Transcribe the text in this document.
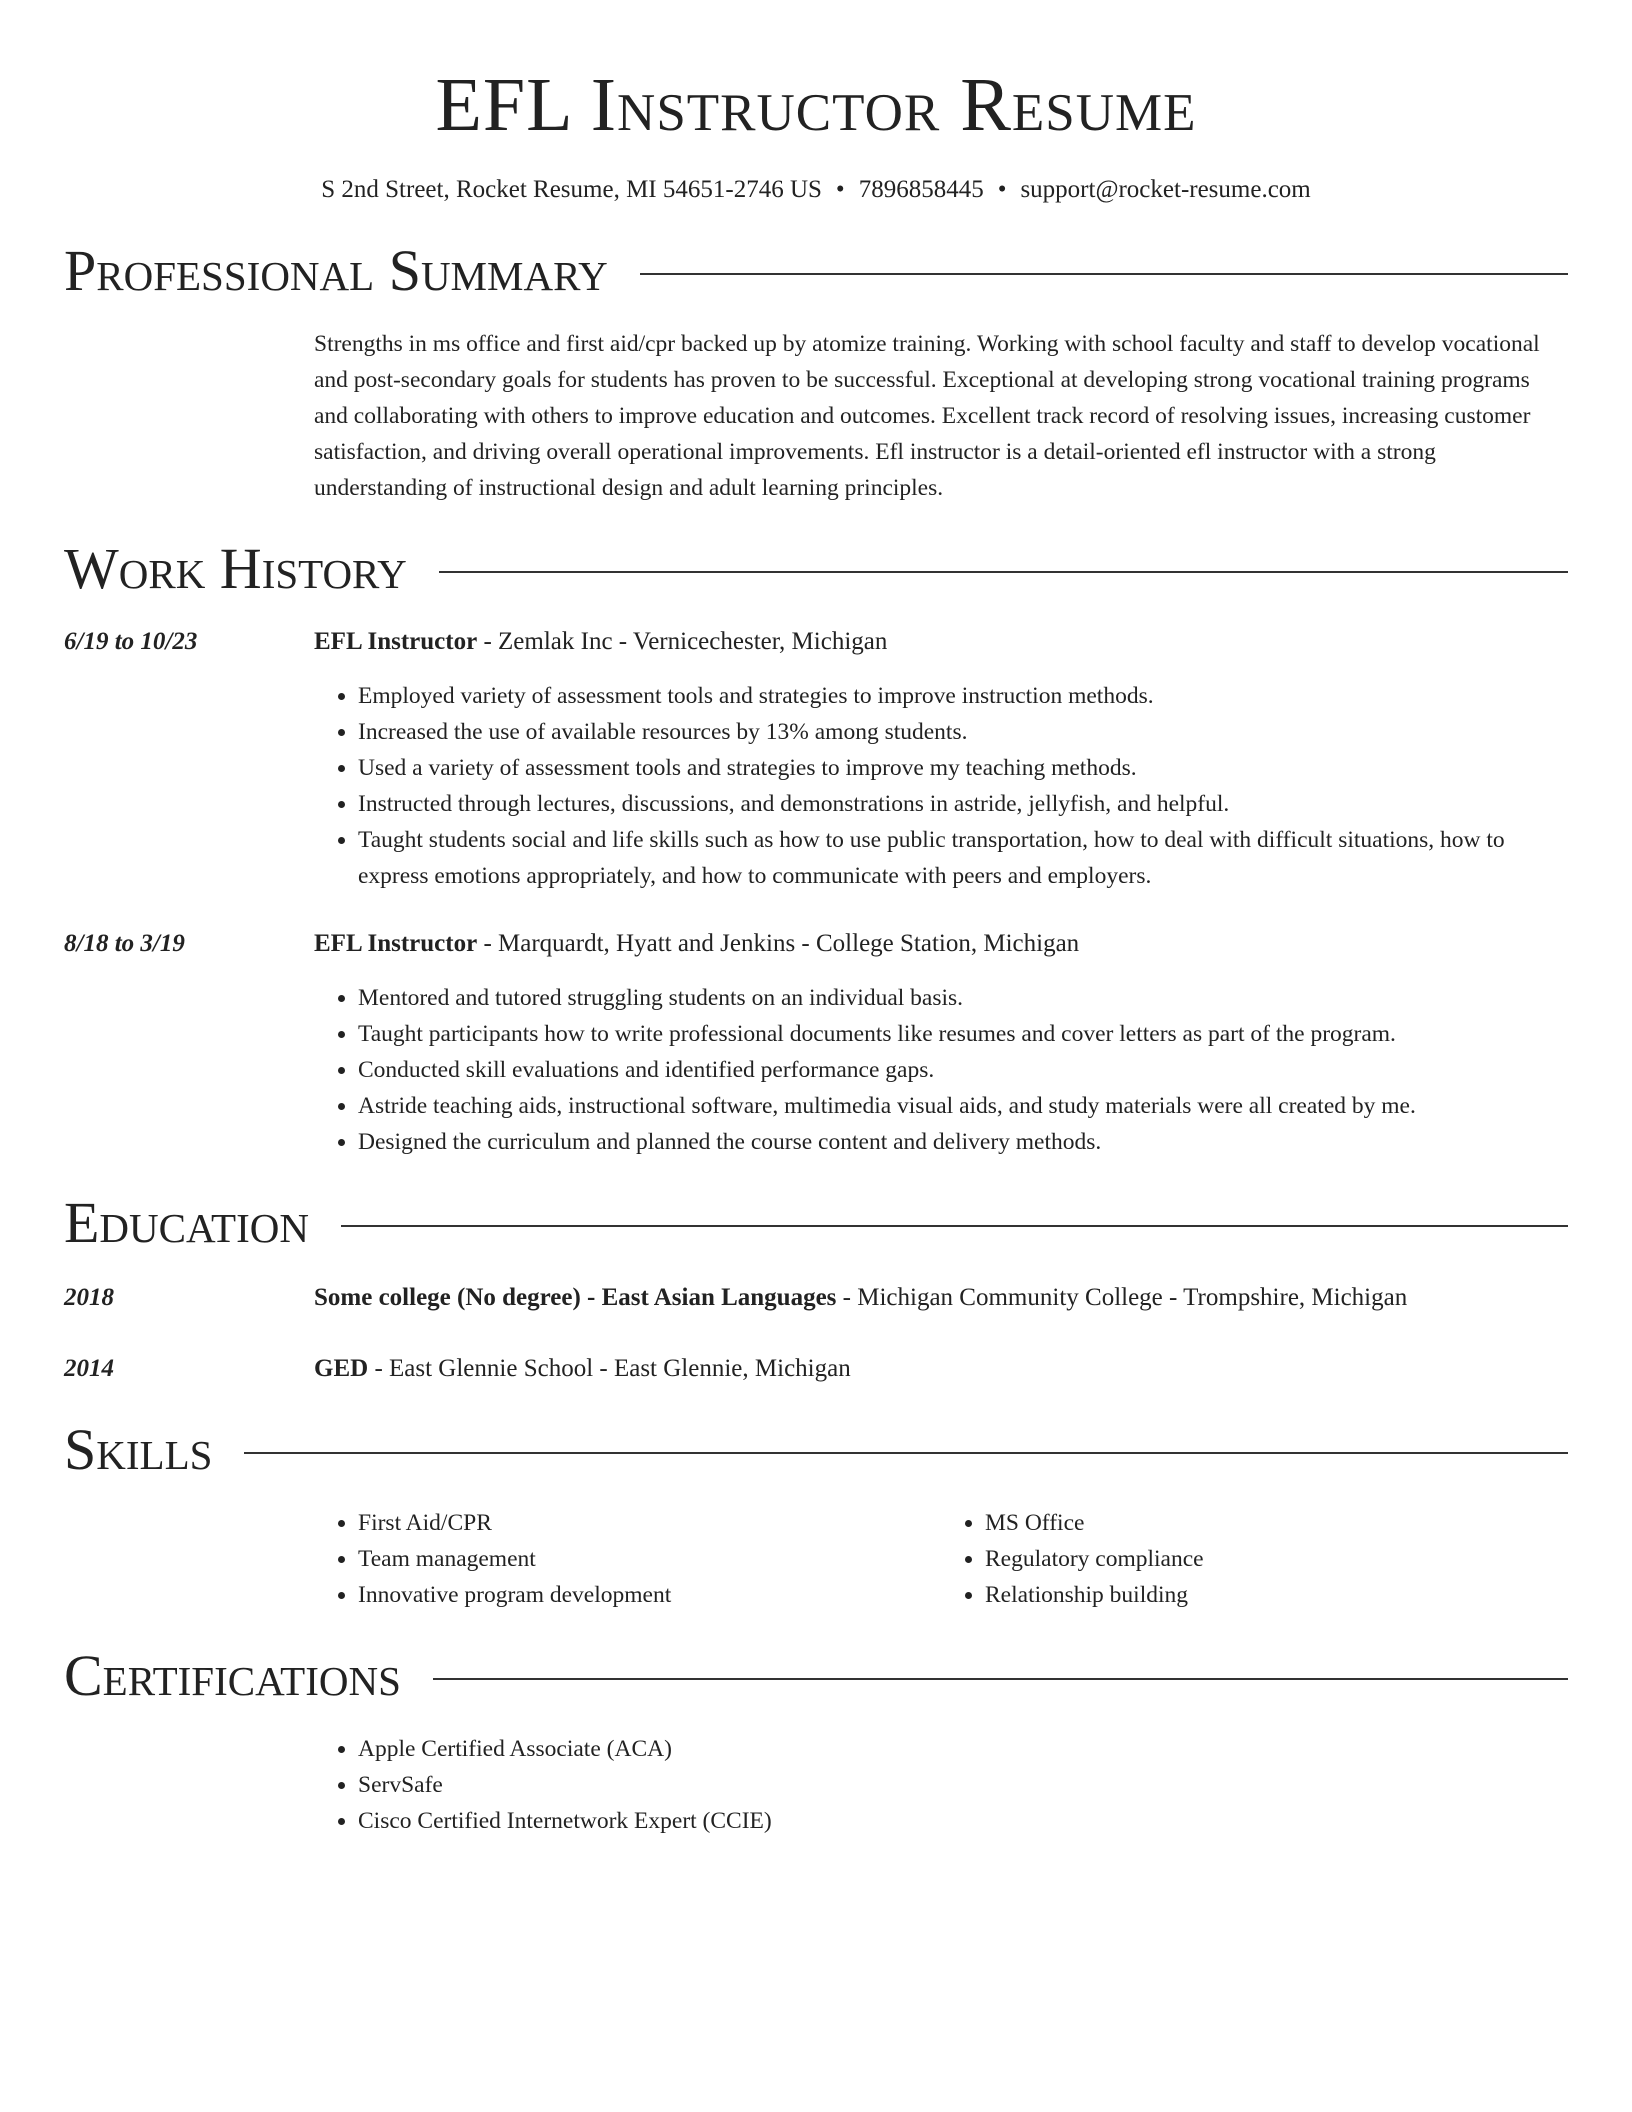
EFL Instructor Resume
S 2nd Street, Rocket Resume, MI 54651-2746 US • 7896858445 • support@rocket-resume.com
Professional Summary
Strengths in ms office and first aid/cpr backed up by atomize training. Working with school faculty and staff to develop vocational and post-secondary goals for students has proven to be successful. Exceptional at developing strong vocational training programs and collaborating with others to improve education and outcomes. Excellent track record of resolving issues, increasing customer satisfaction, and driving overall operational improvements. Efl instructor is a detail-oriented efl instructor with a strong understanding of instructional design and adult learning principles.
Work History
6/19 to 10/23	EFL Instructor - Zemlak Inc - Vernicechester, Michigan
• Employed variety of assessment tools and strategies to improve instruction methods.
• Increased the use of available resources by 13% among students.
• Used a variety of assessment tools and strategies to improve my teaching methods.
• Instructed through lectures, discussions, and demonstrations in astride, jellyfish, and helpful.
• Taught students social and life skills such as how to use public transportation, how to deal with difficult situations, how to express emotions appropriately, and how to communicate with peers and employers.
8/18 to 3/19	EFL Instructor - Marquardt, Hyatt and Jenkins - College Station, Michigan
• Mentored and tutored struggling students on an individual basis.
• Taught participants how to write professional documents like resumes and cover letters as part of the program.
• Conducted skill evaluations and identified performance gaps.
• Astride teaching aids, instructional software, multimedia visual aids, and study materials were all created by me.
• Designed the curriculum and planned the course content and delivery methods.
Education
2018	Some college (No degree) - East Asian Languages - Michigan Community College - Trompshire, Michigan
2014	GED - East Glennie School - East Glennie, Michigan
Skills
• First Aid/CPR
• Team management
• Innovative program development
• MS Office
• Regulatory compliance
• Relationship building
Certifications
• Apple Certified Associate (ACA)
• ServSafe
• Cisco Certified Internetwork Expert (CCIE)
